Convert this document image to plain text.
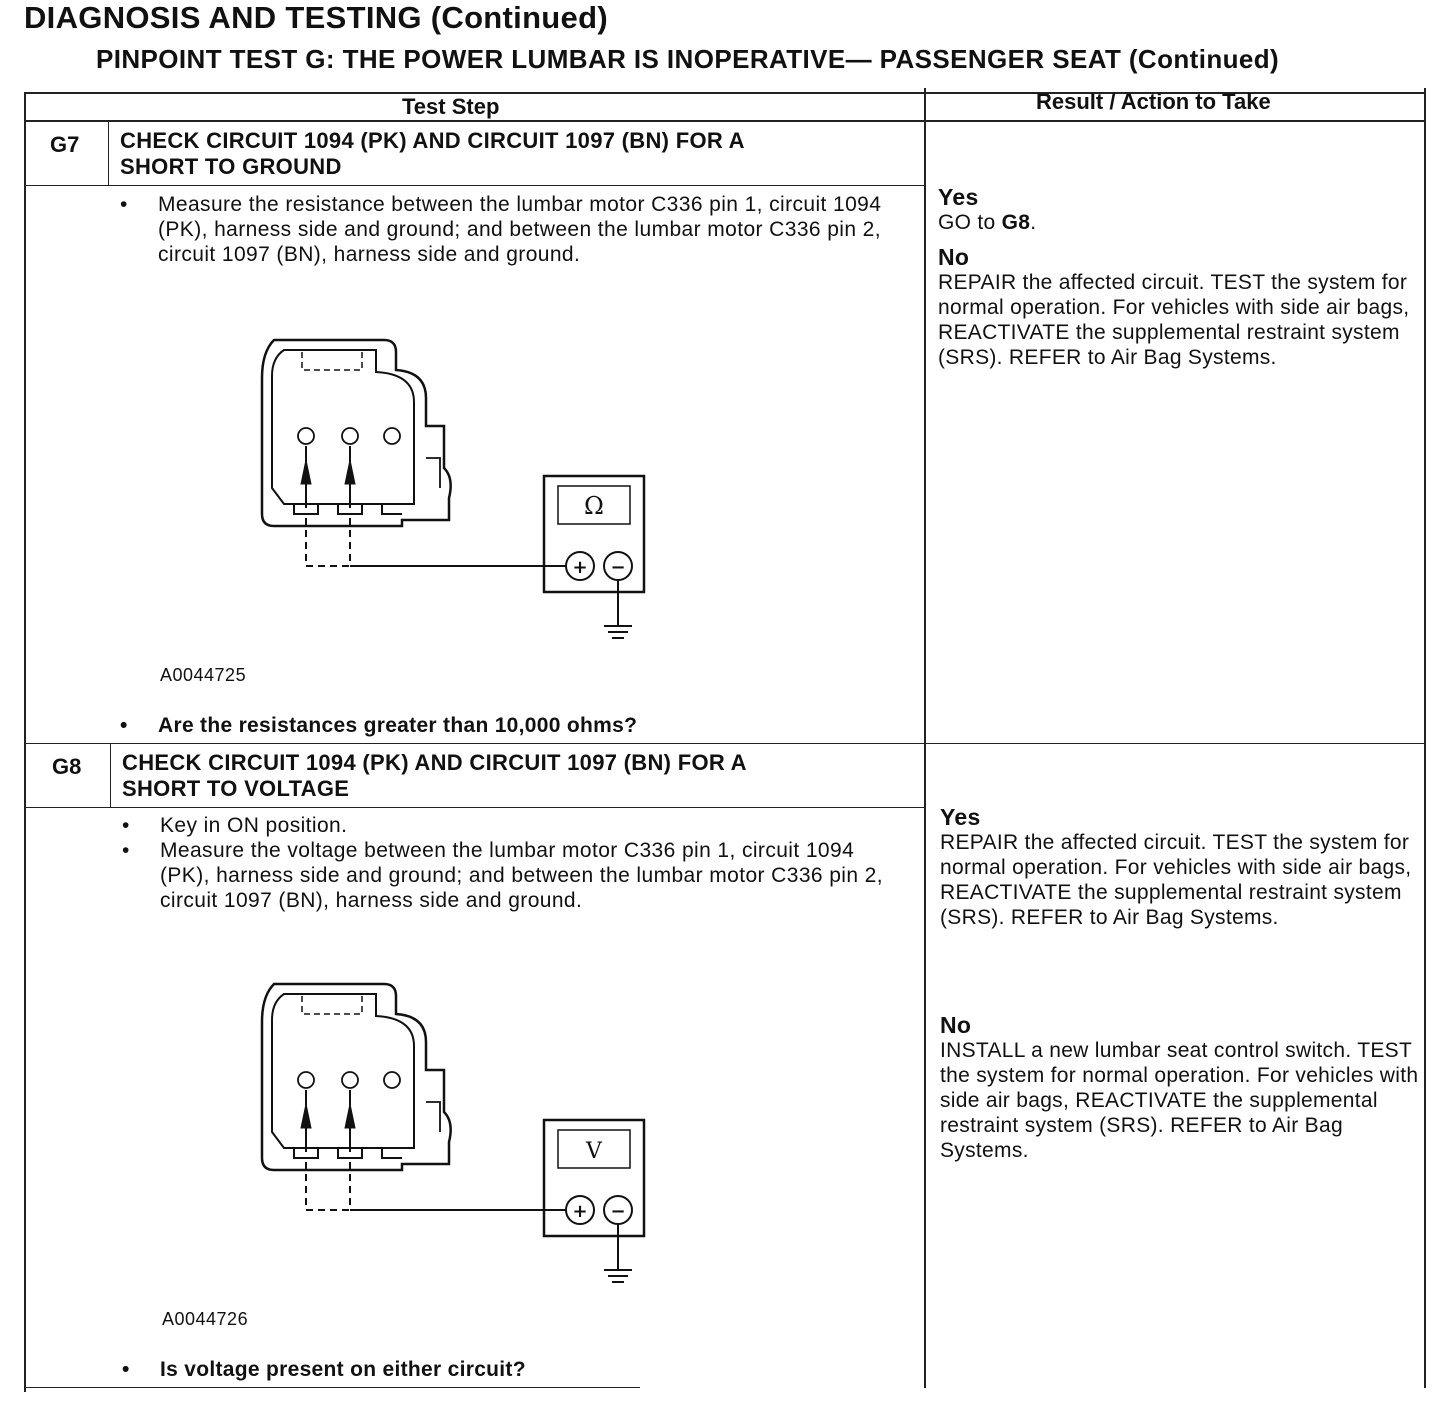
DIAGNOSIS AND TESTING (Continued)
PINPOINT TEST G: THE POWER LUMBAR IS INOPERATIVE— PASSENGER SEAT (Continued)
Test Step	Result / Action to Take
G7 CHECK CIRCUIT 1094 (PK) AND CIRCUIT 1097 (BN) FOR A
SHORT TO GROUND
• Measure the resistance between the lumbar motor C336 pin 1, circuit 1094 (PK), harness side and ground; and between the lumbar motor C336 pin 2, circuit 1097 (BN), harness side and ground.
Ω
+ −
A0044725
• Are the resistances greater than 10,000 ohms?
Yes
GO to G8.
No
REPAIR the affected circuit. TEST the system for normal operation. For vehicles with side air bags, REACTIVATE the supplemental restraint system (SRS). REFER to Air Bag Systems.
G8 CHECK CIRCUIT 1094 (PK) AND CIRCUIT 1097 (BN) FOR A
SHORT TO VOLTAGE
• Key in ON position.
• Measure the voltage between the lumbar motor C336 pin 1, circuit 1094 (PK), harness side and ground; and between the lumbar motor C336 pin 2, circuit 1097 (BN), harness side and ground.
V
+ −
A0044726
• Is voltage present on either circuit?
Yes
REPAIR the affected circuit. TEST the system for normal operation. For vehicles with side air bags, REACTIVATE the supplemental restraint system (SRS). REFER to Air Bag Systems.
No
INSTALL a new lumbar seat control switch. TEST the system for normal operation. For vehicles with side air bags, REACTIVATE the supplemental restraint system (SRS). REFER to Air Bag Systems.
